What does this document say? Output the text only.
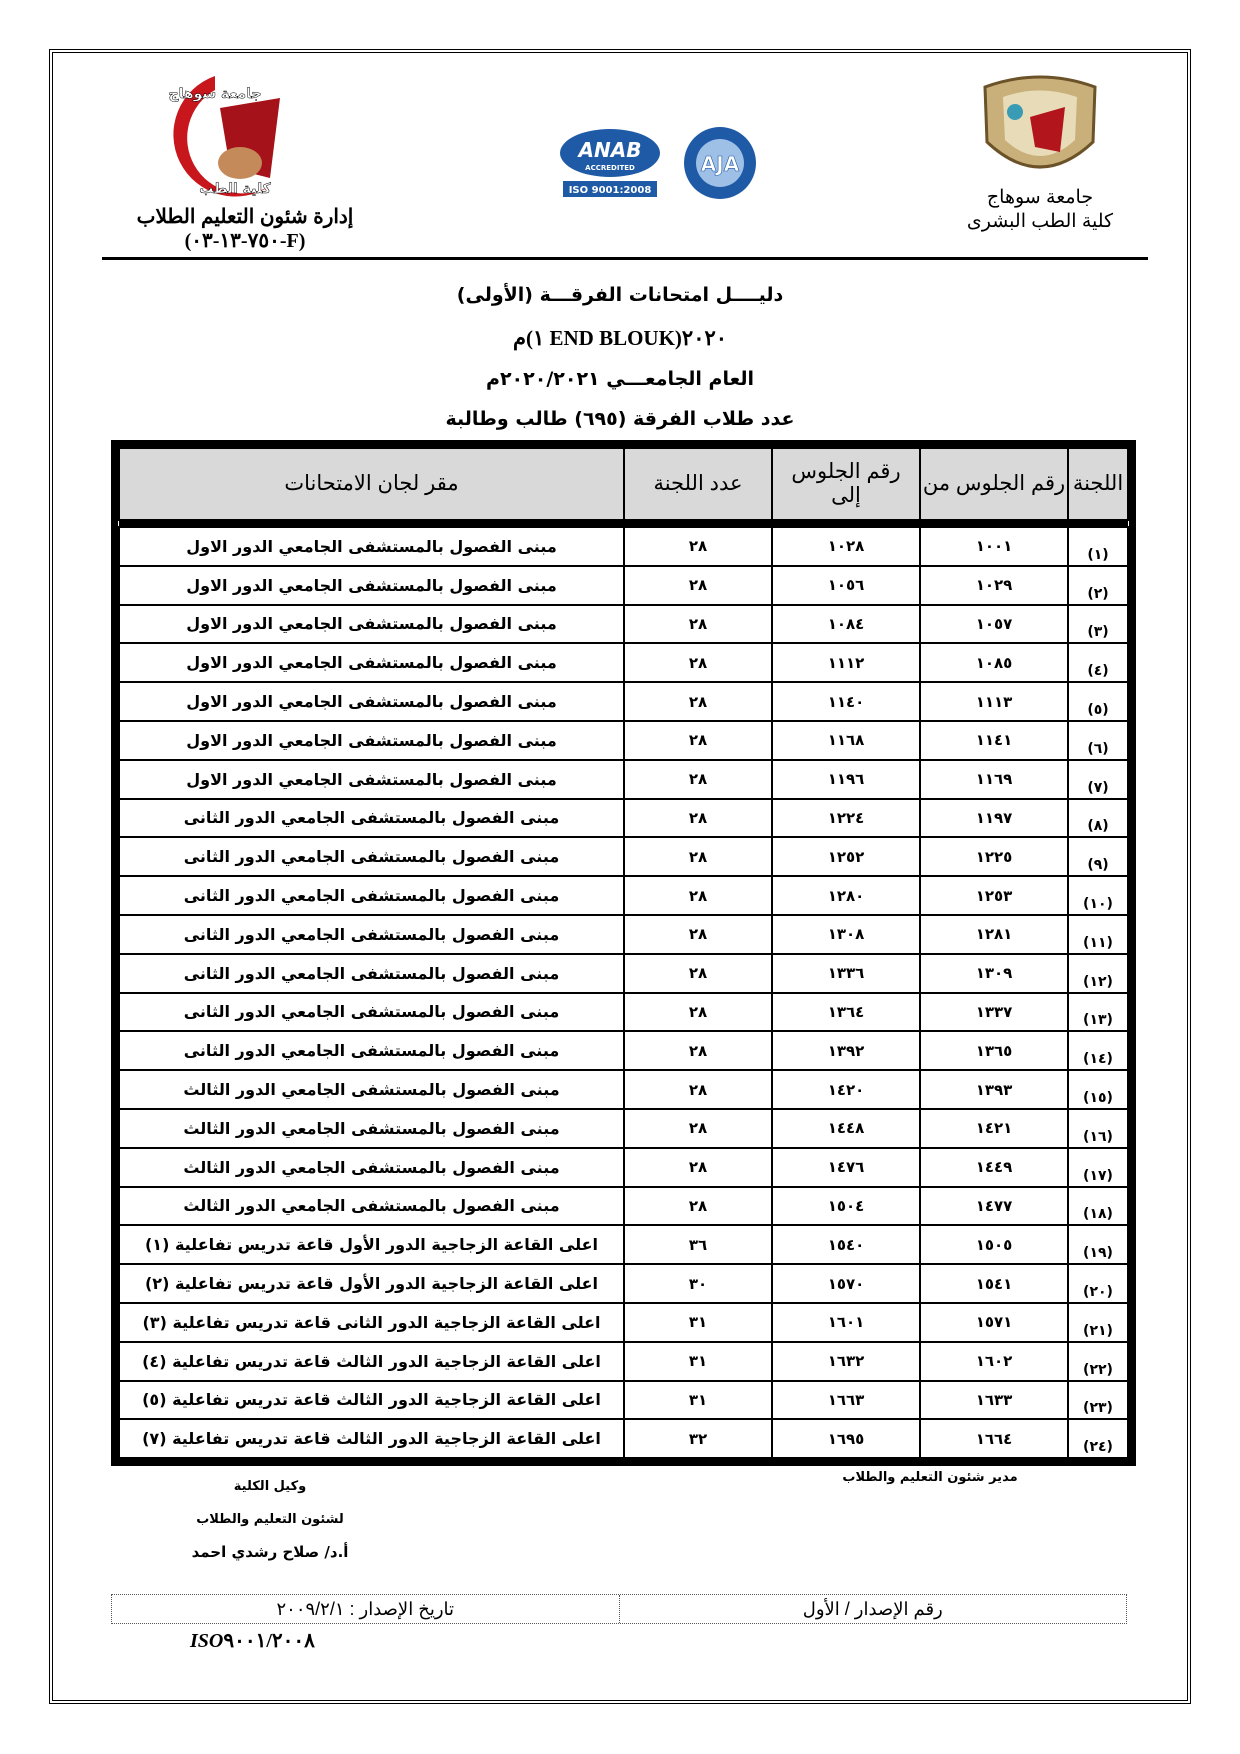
جامعة سوهاج
كلية الطب
ANAB
ACCREDITED
ISO 9001:2008
AJA
إدارة شئون التعليم الطلاب
(F-٧٥٠-١٣-٠٣)
جامعة سوهاج
كلية الطب البشرى
دليــــل امتحانات الفرقـــة (الأولى)
٢٠٢٠(END BLOUK ١)م
العام الجامعـــي ٢٠٢٠/٢٠٢١م
عدد طلاب الفرقة (٦٩٥) طالب وطالبة
اللجنة	رقم الجلوس من	رقم الجلوس إلى	عدد اللجنة	مقر لجان الامتحانات

(١)	١٠٠١	١٠٢٨	٢٨	مبنى الفصول بالمستشفى الجامعي الدور الاول
(٢)	١٠٢٩	١٠٥٦	٢٨	مبنى الفصول بالمستشفى الجامعي الدور الاول
(٣)	١٠٥٧	١٠٨٤	٢٨	مبنى الفصول بالمستشفى الجامعي الدور الاول
(٤)	١٠٨٥	١١١٢	٢٨	مبنى الفصول بالمستشفى الجامعي الدور الاول
(٥)	١١١٣	١١٤٠	٢٨	مبنى الفصول بالمستشفى الجامعي الدور الاول
(٦)	١١٤١	١١٦٨	٢٨	مبنى الفصول بالمستشفى الجامعي الدور الاول
(٧)	١١٦٩	١١٩٦	٢٨	مبنى الفصول بالمستشفى الجامعي الدور الاول
(٨)	١١٩٧	١٢٢٤	٢٨	مبنى الفصول بالمستشفى الجامعي الدور الثانى
(٩)	١٢٢٥	١٢٥٢	٢٨	مبنى الفصول بالمستشفى الجامعي الدور الثانى
(١٠)	١٢٥٣	١٢٨٠	٢٨	مبنى الفصول بالمستشفى الجامعي الدور الثانى
(١١)	١٢٨١	١٣٠٨	٢٨	مبنى الفصول بالمستشفى الجامعي الدور الثانى
(١٢)	١٣٠٩	١٣٣٦	٢٨	مبنى الفصول بالمستشفى الجامعي الدور الثانى
(١٣)	١٣٣٧	١٣٦٤	٢٨	مبنى الفصول بالمستشفى الجامعي الدور الثانى
(١٤)	١٣٦٥	١٣٩٢	٢٨	مبنى الفصول بالمستشفى الجامعي الدور الثانى
(١٥)	١٣٩٣	١٤٢٠	٢٨	مبنى الفصول بالمستشفى الجامعي الدور الثالث
(١٦)	١٤٢١	١٤٤٨	٢٨	مبنى الفصول بالمستشفى الجامعي الدور الثالث
(١٧)	١٤٤٩	١٤٧٦	٢٨	مبنى الفصول بالمستشفى الجامعي الدور الثالث
(١٨)	١٤٧٧	١٥٠٤	٢٨	مبنى الفصول بالمستشفى الجامعي الدور الثالث
(١٩)	١٥٠٥	١٥٤٠	٣٦	اعلى القاعة الزجاجية الدور الأول قاعة تدريس تفاعلية (١)
(٢٠)	١٥٤١	١٥٧٠	٣٠	اعلى القاعة الزجاجية الدور الأول قاعة تدريس تفاعلية (٢)
(٢١)	١٥٧١	١٦٠١	٣١	اعلى القاعة الزجاجية الدور الثانى قاعة تدريس تفاعلية (٣)
(٢٢)	١٦٠٢	١٦٣٢	٣١	اعلى القاعة الزجاجية الدور الثالث قاعة تدريس تفاعلية (٤)
(٢٣)	١٦٣٣	١٦٦٣	٣١	اعلى القاعة الزجاجية الدور الثالث قاعة تدريس تفاعلية (٥)
(٢٤)	١٦٦٤	١٦٩٥	٣٢	اعلى القاعة الزجاجية الدور الثالث قاعة تدريس تفاعلية (٧)
مدير شئون التعليم والطلاب
وكيل الكلية
لشئون التعليم والطلاب
أ.د/ صلاح رشدي احمد
رقم الإصدار / الأول
تاريخ الإصدار : ٢٠٠٩/٢/١
ISO٩٠٠١/٢٠٠٨
